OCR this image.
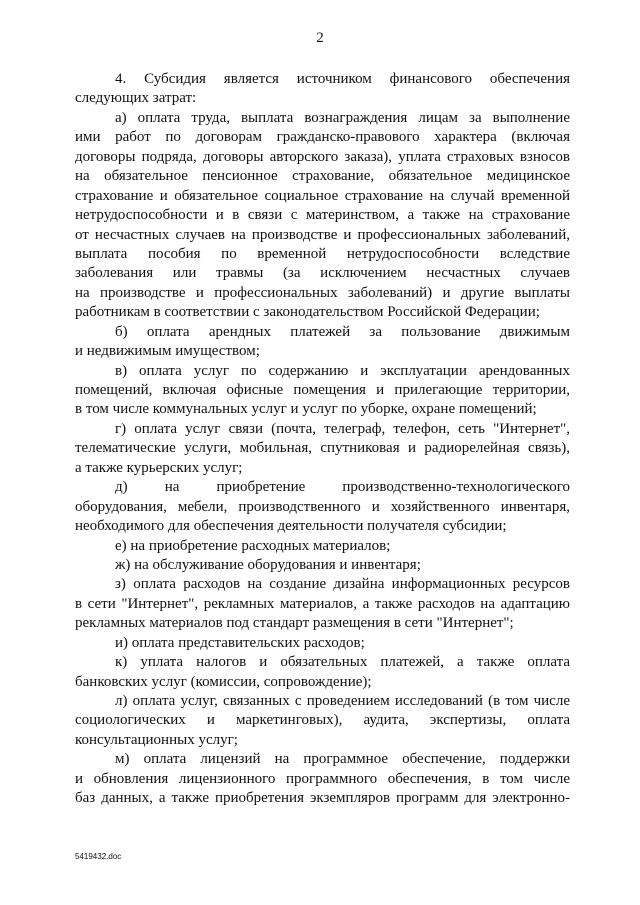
2
4. Субсидия является источником финансового обеспечения
следующих затрат:
а) оплата труда, выплата вознаграждения лицам за выполнение
ими работ по договорам гражданско-правового характера (включая
договоры подряда, договоры авторского заказа), уплата страховых взносов
на обязательное пенсионное страхование, обязательное медицинское
страхование и обязательное социальное страхование на случай временной
нетрудоспособности и в связи с материнством, а также на страхование
от несчастных случаев на производстве и профессиональных заболеваний,
выплата пособия по временной нетрудоспособности вследствие
заболевания или травмы (за исключением несчастных случаев
на производстве и профессиональных заболеваний) и другие выплаты
работникам в соответствии с законодательством Российской Федерации;
б) оплата арендных платежей за пользование движимым
и недвижимым имуществом;
в) оплата услуг по содержанию и эксплуатации арендованных
помещений, включая офисные помещения и прилегающие территории,
в том числе коммунальных услуг и услуг по уборке, охране помещений;
г) оплата услуг связи (почта, телеграф, телефон, сеть "Интернет",
телематические услуги, мобильная, спутниковая и радиорелейная связь),
а также курьерских услуг;
д) на приобретение производственно-технологического
оборудования, мебели, производственного и хозяйственного инвентаря,
необходимого для обеспечения деятельности получателя субсидии;
е) на приобретение расходных материалов;
ж) на обслуживание оборудования и инвентаря;
з) оплата расходов на создание дизайна информационных ресурсов
в сети "Интернет", рекламных материалов, а также расходов на адаптацию
рекламных материалов под стандарт размещения в сети "Интернет";
и) оплата представительских расходов;
к) уплата налогов и обязательных платежей, а также оплата
банковских услуг (комиссии, сопровождение);
л) оплата услуг, связанных с проведением исследований (в том числе
социологических и маркетинговых), аудита, экспертизы, оплата
консультационных услуг;
м) оплата лицензий на программное обеспечение, поддержки
и обновления лицензионного программного обеспечения, в том числе
баз данных, а также приобретения экземпляров программ для электронно-
5419432.doc
